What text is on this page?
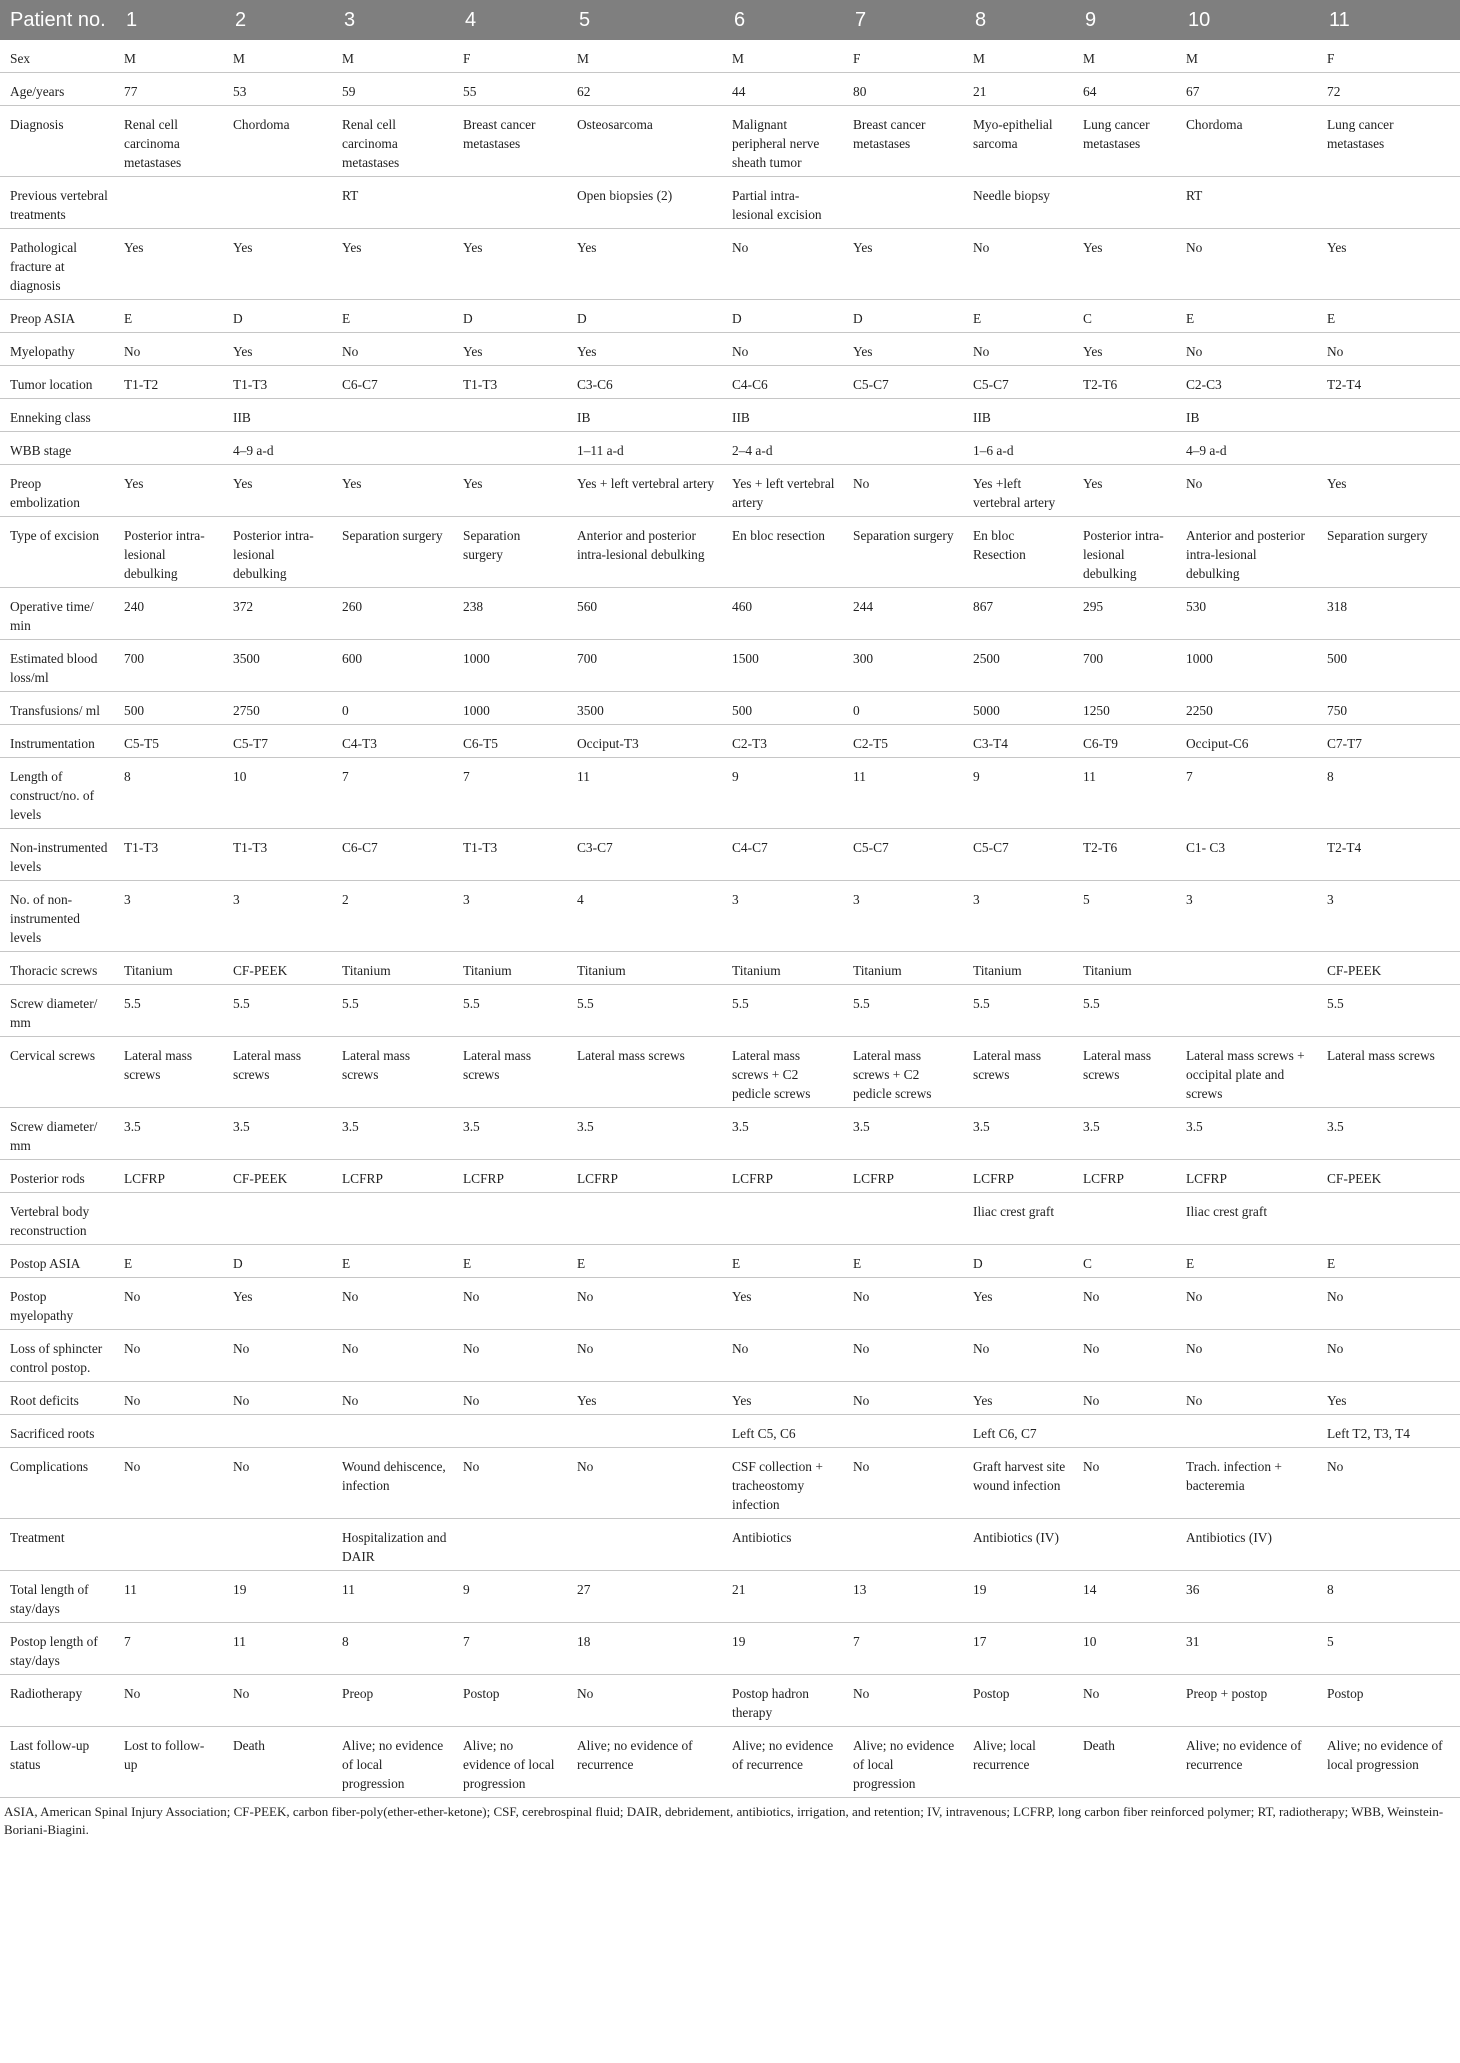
Patient no.	1	2	3	4	5	6	7	8	9	10	11
Sex	M	M	M	F	M	M	F	M	M	M	F
Age/years	77	53	59	55	62	44	80	21	64	67	72
Diagnosis	Renal cell carcinoma metastases	Chordoma	Renal cell carcinoma metastases	Breast cancer metastases	Osteosarcoma	Malignant peripheral nerve sheath tumor	Breast cancer metastases	Myo-epithelial sarcoma	Lung cancer metastases	Chordoma	Lung cancer metastases
Previous vertebral treatments			RT		Open biopsies (2)	Partial intra-lesional excision		Needle biopsy		RT	
Pathological fracture at diagnosis	Yes	Yes	Yes	Yes	Yes	No	Yes	No	Yes	No	Yes
Preop ASIA	E	D	E	D	D	D	D	E	C	E	E
Myelopathy	No	Yes	No	Yes	Yes	No	Yes	No	Yes	No	No
Tumor location	T1-T2	T1-T3	C6-C7	T1-T3	C3-C6	C4-C6	C5-C7	C5-C7	T2-T6	C2-C3	T2-T4
Enneking class		IIB			IB	IIB		IIB		IB	
WBB stage		4–9 a-d			1–11 a-d	2–4 a-d		1–6 a-d		4–9 a-d	
Preop embolization	Yes	Yes	Yes	Yes	Yes + left vertebral artery	Yes + left vertebral artery	No	Yes +left vertebral artery	Yes	No	Yes
Type of excision	Posterior intra-lesional debulking	Posterior intra-lesional debulking	Separation surgery	Separation surgery	Anterior and posterior intra-lesional debulking	En bloc resection	Separation surgery	En bloc Resection	Posterior intra-lesional debulking	Anterior and posterior intra-lesional debulking	Separation surgery
Operative time/ min	240	372	260	238	560	460	244	867	295	530	318
Estimated blood loss/ml	700	3500	600	1000	700	1500	300	2500	700	1000	500
Transfusions/ ml	500	2750	0	1000	3500	500	0	5000	1250	2250	750
Instrumentation	C5-T5	C5-T7	C4-T3	C6-T5	Occiput-T3	C2-T3	C2-T5	C3-T4	C6-T9	Occiput-C6	C7-T7
Length of construct/no. of levels	8	10	7	7	11	9	11	9	11	7	8
Non-instrumented levels	T1-T3	T1-T3	C6-C7	T1-T3	C3-C7	C4-C7	C5-C7	C5-C7	T2-T6	C1- C3	T2-T4
No. of non-instrumented levels	3	3	2	3	4	3	3	3	5	3	3
Thoracic screws	Titanium	CF-PEEK	Titanium	Titanium	Titanium	Titanium	Titanium	Titanium	Titanium		CF-PEEK
Screw diameter/ mm	5.5	5.5	5.5	5.5	5.5	5.5	5.5	5.5	5.5		5.5
Cervical screws	Lateral mass screws	Lateral mass screws	Lateral mass screws	Lateral mass screws	Lateral mass screws	Lateral mass screws + C2 pedicle screws	Lateral mass screws + C2 pedicle screws	Lateral mass screws	Lateral mass screws	Lateral mass screws + occipital plate and screws	Lateral mass screws
Screw diameter/ mm	3.5	3.5	3.5	3.5	3.5	3.5	3.5	3.5	3.5	3.5	3.5
Posterior rods	LCFRP	CF-PEEK	LCFRP	LCFRP	LCFRP	LCFRP	LCFRP	LCFRP	LCFRP	LCFRP	CF-PEEK
Vertebral body reconstruction								Iliac crest graft		Iliac crest graft	
Postop ASIA	E	D	E	E	E	E	E	D	C	E	E
Postop myelopathy	No	Yes	No	No	No	Yes	No	Yes	No	No	No
Loss of sphincter control postop.	No	No	No	No	No	No	No	No	No	No	No
Root deficits	No	No	No	No	Yes	Yes	No	Yes	No	No	Yes
Sacrificed roots						Left C5, C6		Left C6, C7			Left T2, T3, T4
Complications	No	No	Wound dehiscence, infection	No	No	CSF collection + tracheostomy infection	No	Graft harvest site wound infection	No	Trach. infection + bacteremia	No
Treatment			Hospitalization and DAIR			Antibiotics		Antibiotics (IV)		Antibiotics (IV)	
Total length of stay/days	11	19	11	9	27	21	13	19	14	36	8
Postop length of stay/days	7	11	8	7	18	19	7	17	10	31	5
Radiotherapy	No	No	Preop	Postop	No	Postop hadron therapy	No	Postop	No	Preop + postop	Postop
Last follow-up status	Lost to follow-up	Death	Alive; no evidence of local progression	Alive; no evidence of local progression	Alive; no evidence of recurrence	Alive; no evidence of recurrence	Alive; no evidence of local progression	Alive; local recurrence	Death	Alive; no evidence of recurrence	Alive; no evidence of local progression
ASIA, American Spinal Injury Association; CF-PEEK, carbon fiber-poly(ether-ether-ketone); CSF, cerebrospinal fluid; DAIR, debridement, antibiotics, irrigation, and retention; IV, intravenous; LCFRP, long carbon fiber reinforced polymer; RT, radiotherapy; WBB, Weinstein-Boriani-Biagini.
